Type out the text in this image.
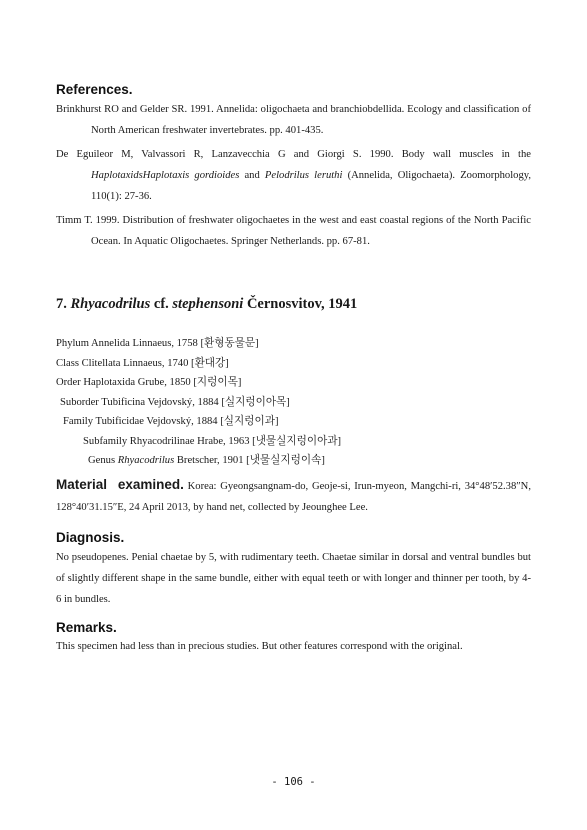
References.

Brinkhurst RO and Gelder SR. 1991. Annelida: oligochaeta and branchiobdellida. Ecology and classification of North American freshwater invertebrates. pp. 401-435.

De Eguileor M, Valvassori R, Lanzavecchia G and Giorgi S. 1990. Body wall muscles in the HaplotaxidsHaplotaxis gordioides and Pelodrilus leruthi (Annelida, Oligochaeta). Zoomorphology, 110(1): 27-36.

Timm T. 1999. Distribution of freshwater oligochaetes in the west and east coastal regions of the North Pacific Ocean. In Aquatic Oligochaetes. Springer Netherlands. pp. 67-81.

7. Rhyacodrilus cf. stephensoni Černosvitov, 1941
Phylum Annelida Linnaeus, 1758 [환형동물문]
Class Clitellata Linnaeus, 1740 [환대강]
Order Haplotaxida Grube, 1850 [지렁이목]
Suborder Tubificina Vejdovský, 1884 [실지렁이아목]
Family Tubificidae Vejdovský, 1884 [실지렁이과]
Subfamily Rhyacodrilinae Hrabe, 1963 [냇물실지렁이아과]
Genus Rhyacodrilus Bretscher, 1901 [냇물실지렁이속]
Material examined. Korea: Gyeongsangnam-do, Geoje-si, Irun-myeon, Mangchi-ri, 34°48′52.38″N, 128°40′31.15″E, 24 April 2013, by hand net, collected by Jeounghee Lee.
Diagnosis.
No pseudopenes. Penial chaetae by 5, with rudimentary teeth. Chaetae similar in dorsal and ventral bundles but of slightly different shape in the same bundle, either with equal teeth or with longer and thinner per tooth, by 4-6 in bundles.
Remarks.
This specimen had less than in precious studies. But other features correspond with the original.
- 106 -
